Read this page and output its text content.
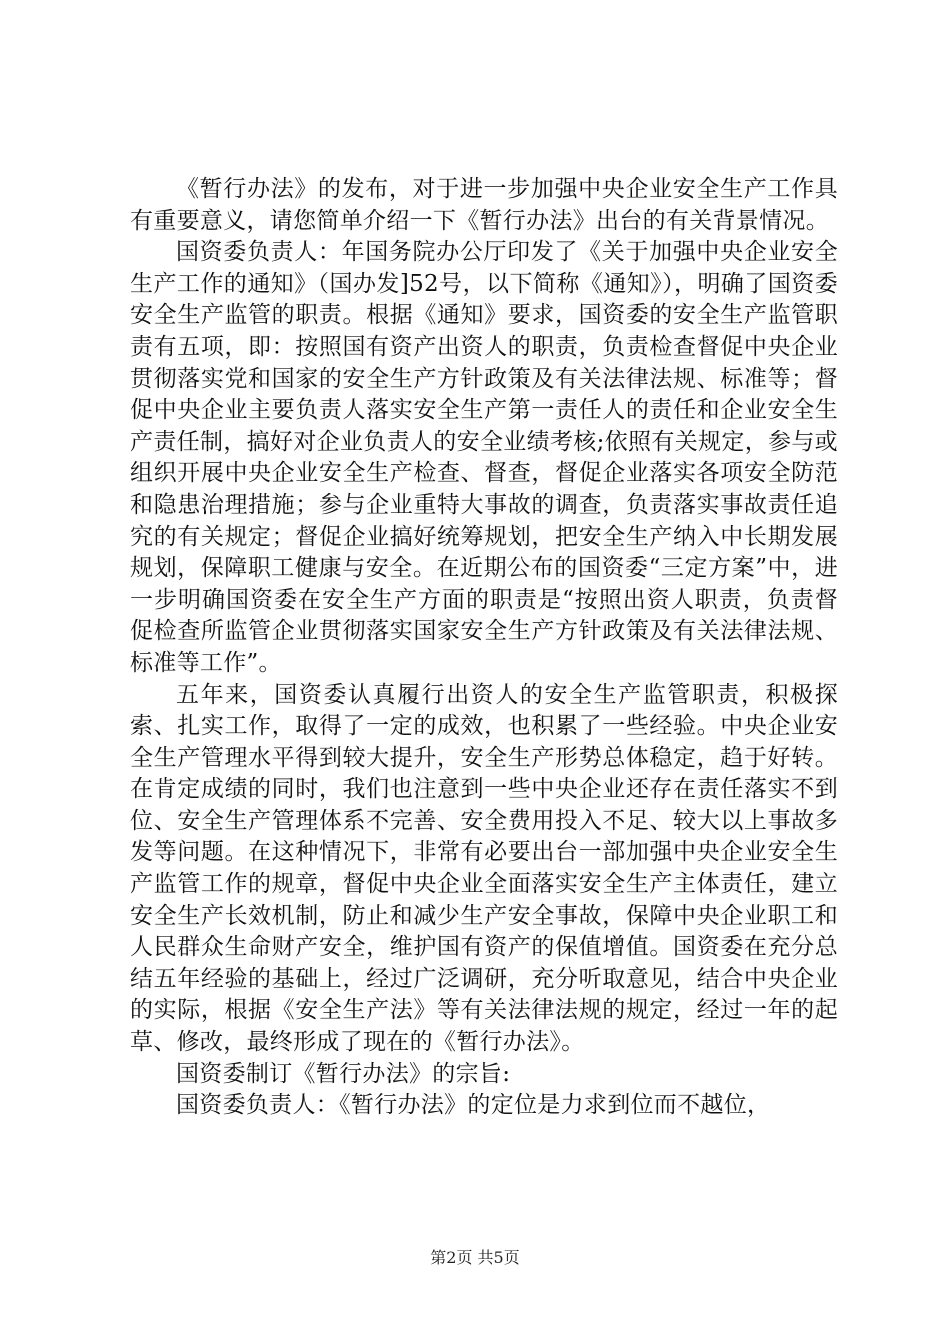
《暂行办法》的发布，对于进一步加强中央企业安全生产工作具有重要意义，请您简单介绍一下《暂行办法》出台的有关背景情况。

国资委负责人：年国务院办公厅印发了《关于加强中央企业安全生产工作的通知》（国办发]52号，以下简称《通知》），明确了国资委安全生产监管的职责。根据《通知》要求，国资委的安全生产监管职责有五项，即：按照国有资产出资人的职责，负责检查督促中央企业贯彻落实党和国家的安全生产方针政策及有关法律法规、标准等；督促中央企业主要负责人落实安全生产第一责任人的责任和企业安全生产责任制，搞好对企业负责人的安全业绩考核;依照有关规定，参与或组织开展中央企业安全生产检查、督查，督促企业落实各项安全防范和隐患治理措施；参与企业重特大事故的调查，负责落实事故责任追究的有关规定；督促企业搞好统筹规划，把安全生产纳入中长期发展规划，保障职工健康与安全。在近期公布的国资委“三定方案”中，进一步明确国资委在安全生产方面的职责是“按照出资人职责，负责督促检查所监管企业贯彻落实国家安全生产方针政策及有关法律法规、标准等工作”。

五年来，国资委认真履行出资人的安全生产监管职责，积极探索、扎实工作，取得了一定的成效，也积累了一些经验。中央企业安全生产管理水平得到较大提升，安全生产形势总体稳定，趋于好转。在肯定成绩的同时，我们也注意到一些中央企业还存在责任落实不到位、安全生产管理体系不完善、安全费用投入不足、较大以上事故多发等问题。在这种情况下，非常有必要出台一部加强中央企业安全生产监管工作的规章，督促中央企业全面落实安全生产主体责任，建立安全生产长效机制，防止和减少生产安全事故，保障中央企业职工和人民群众生命财产安全，维护国有资产的保值增值。国资委在充分总结五年经验的基础上，经过广泛调研，充分听取意见，结合中央企业的实际，根据《安全生产法》等有关法律法规的规定，经过一年的起草、修改，最终形成了现在的《暂行办法》。

国资委制订《暂行办法》的宗旨:

国资委负责人：《暂行办法》的定位是力求到位而不越位，

第2页 共5页
